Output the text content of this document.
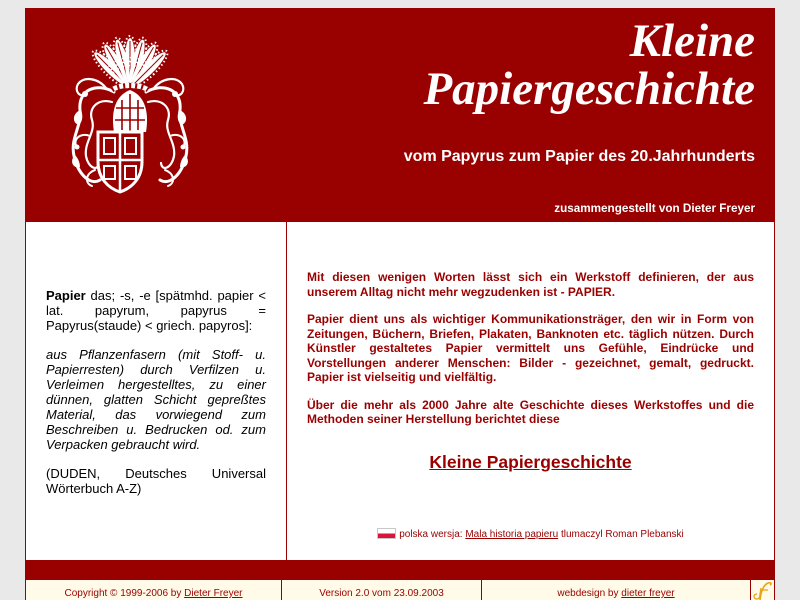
Kleine
Papiergeschichte
vom Papyrus zum Papier des 20.Jahrhunderts
zusammengestellt von Dieter Freyer

Papier das; -s, -e [spätmhd. papier < lat. papyrum, papyrus = Papyrus(staude) < griech. papyros]:

aus Pflanzenfasern (mit Stoff- u. Papierresten) durch Verfilzen u. Verleimen hergestelltes, zu einer dünnen, glatten Schicht gepreßtes Material, das vorwiegend zum Beschreiben u. Bedrucken od. zum Verpacken gebraucht wird.

(DUDEN, Deutsches Universal Wörterbuch A-Z)

Mit diesen wenigen Worten lässt sich ein Werkstoff definieren, der aus unserem Alltag nicht mehr wegzudenken ist - PAPIER.

Papier dient uns als wichtiger Kommunikationsträger, den wir in Form von Zeitungen, Büchern, Briefen, Plakaten, Banknoten etc. täglich nützen. Durch Künstler gestaltetes Papier vermittelt uns Gefühle, Eindrücke und Vorstellungen anderer Menschen: Bilder - gezeichnet, gemalt, gedruckt. Papier ist vielseitig und vielfältig.

Über die mehr als 2000 Jahre alte Geschichte dieses Werkstoffes und die Methoden seiner Herstellung berichtet diese

Kleine Papiergeschichte
polska wersja: Mala historia papieru tlumaczyl Roman Plebanski
Copyright © 1999-2006 by Dieter Freyer	Version 2.0 vom 23.09.2003	webdesign by dieter freyer
